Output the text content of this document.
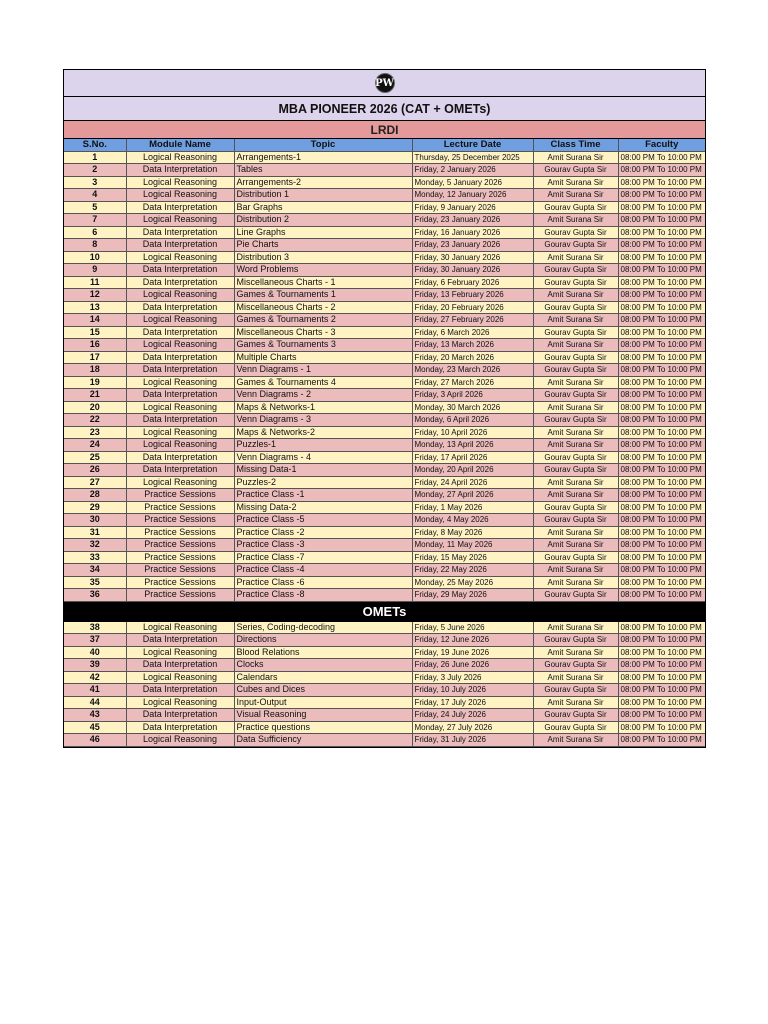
PW
MBA PIONEER 2026 (CAT + OMETs)
LRDI
S.No.	Module Name	Topic	Lecture Date	Class Time	Faculty
1	Logical Reasoning	Arrangements-1	Thursday, 25 December 2025	Amit Surana Sir	08:00 PM To 10:00 PM
2	Data Interpretation	Tables	Friday, 2 January 2026	Gourav Gupta Sir	08:00 PM To 10:00 PM
3	Logical Reasoning	Arrangements-2	Monday, 5 January 2026	Amit Surana Sir	08:00 PM To 10:00 PM
4	Logical Reasoning	Distribution 1	Monday, 12 January 2026	Amit Surana Sir	08:00 PM To 10:00 PM
5	Data Interpretation	Bar Graphs	Friday, 9 January 2026	Gourav Gupta Sir	08:00 PM To 10:00 PM
7	Logical Reasoning	Distribution 2	Friday, 23 January 2026	Amit Surana Sir	08:00 PM To 10:00 PM
6	Data Interpretation	Line Graphs	Friday, 16 January 2026	Gourav Gupta Sir	08:00 PM To 10:00 PM
8	Data Interpretation	Pie Charts	Friday, 23 January 2026	Gourav Gupta Sir	08:00 PM To 10:00 PM
10	Logical Reasoning	Distribution 3	Friday, 30 January 2026	Amit Surana Sir	08:00 PM To 10:00 PM
9	Data Interpretation	Word Problems	Friday, 30 January 2026	Gourav Gupta Sir	08:00 PM To 10:00 PM
11	Data Interpretation	Miscellaneous Charts - 1	Friday, 6 February 2026	Gourav Gupta Sir	08:00 PM To 10:00 PM
12	Logical Reasoning	Games & Tournaments 1	Friday, 13 February 2026	Amit Surana Sir	08:00 PM To 10:00 PM
13	Data Interpretation	Miscellaneous Charts - 2	Friday, 20 February 2026	Gourav Gupta Sir	08:00 PM To 10:00 PM
14	Logical Reasoning	Games & Tournaments 2	Friday, 27 February 2026	Amit Surana Sir	08:00 PM To 10:00 PM
15	Data Interpretation	Miscellaneous Charts - 3	Friday, 6 March 2026	Gourav Gupta Sir	08:00 PM To 10:00 PM
16	Logical Reasoning	Games & Tournaments 3	Friday, 13 March 2026	Amit Surana Sir	08:00 PM To 10:00 PM
17	Data Interpretation	Multiple Charts	Friday, 20 March 2026	Gourav Gupta Sir	08:00 PM To 10:00 PM
18	Data Interpretation	Venn Diagrams - 1	Monday, 23 March 2026	Gourav Gupta Sir	08:00 PM To 10:00 PM
19	Logical Reasoning	Games & Tournaments 4	Friday, 27 March 2026	Amit Surana Sir	08:00 PM To 10:00 PM
21	Data Interpretation	Venn Diagrams - 2	Friday, 3 April 2026	Gourav Gupta Sir	08:00 PM To 10:00 PM
20	Logical Reasoning	Maps & Networks-1	Monday, 30 March 2026	Amit Surana Sir	08:00 PM To 10:00 PM
22	Data Interpretation	Venn Diagrams - 3	Monday, 6 April 2026	Gourav Gupta Sir	08:00 PM To 10:00 PM
23	Logical Reasoning	Maps & Networks-2	Friday, 10 April 2026	Amit Surana Sir	08:00 PM To 10:00 PM
24	Logical Reasoning	Puzzles-1	Monday, 13 April 2026	Amit Surana Sir	08:00 PM To 10:00 PM
25	Data Interpretation	Venn Diagrams - 4	Friday, 17 April 2026	Gourav Gupta Sir	08:00 PM To 10:00 PM
26	Data Interpretation	Missing Data-1	Monday, 20 April 2026	Gourav Gupta Sir	08:00 PM To 10:00 PM
27	Logical Reasoning	Puzzles-2	Friday, 24 April 2026	Amit Surana Sir	08:00 PM To 10:00 PM
28	Practice Sessions	Practice Class -1	Monday, 27 April 2026	Amit Surana Sir	08:00 PM To 10:00 PM
29	Practice Sessions	Missing Data-2	Friday, 1 May 2026	Gourav Gupta Sir	08:00 PM To 10:00 PM
30	Practice Sessions	Practice Class -5	Monday, 4 May 2026	Gourav Gupta Sir	08:00 PM To 10:00 PM
31	Practice Sessions	Practice Class -2	Friday, 8 May 2026	Amit Surana Sir	08:00 PM To 10:00 PM
32	Practice Sessions	Practice Class -3	Monday, 11 May 2026	Amit Surana Sir	08:00 PM To 10:00 PM
33	Practice Sessions	Practice Class -7	Friday, 15 May 2026	Gourav Gupta Sir	08:00 PM To 10:00 PM
34	Practice Sessions	Practice Class -4	Friday, 22 May 2026	Amit Surana Sir	08:00 PM To 10:00 PM
35	Practice Sessions	Practice Class -6	Monday, 25 May 2026	Amit Surana Sir	08:00 PM To 10:00 PM
36	Practice Sessions	Practice Class -8	Friday, 29 May 2026	Gourav Gupta Sir	08:00 PM To 10:00 PM
OMETs
38	Logical Reasoning	Series, Coding-decoding	Friday, 5 June 2026	Amit Surana Sir	08:00 PM To 10:00 PM
37	Data Interpretation	Directions	Friday, 12 June 2026	Gourav Gupta Sir	08:00 PM To 10:00 PM
40	Logical Reasoning	Blood Relations	Friday, 19 June 2026	Amit Surana Sir	08:00 PM To 10:00 PM
39	Data Interpretation	Clocks	Friday, 26 June 2026	Gourav Gupta Sir	08:00 PM To 10:00 PM
42	Logical Reasoning	Calendars	Friday, 3 July 2026	Amit Surana Sir	08:00 PM To 10:00 PM
41	Data Interpretation	Cubes and Dices	Friday, 10 July 2026	Gourav Gupta Sir	08:00 PM To 10:00 PM
44	Logical Reasoning	Input-Output	Friday, 17 July 2026	Amit Surana Sir	08:00 PM To 10:00 PM
43	Data Interpretation	Visual Reasoning	Friday, 24 July 2026	Gourav Gupta Sir	08:00 PM To 10:00 PM
45	Data Interpretation	Practice questions	Monday, 27 July 2026	Gourav Gupta Sir	08:00 PM To 10:00 PM
46	Logical Reasoning	Data Sufficiency	Friday, 31 July 2026	Amit Surana Sir	08:00 PM To 10:00 PM
